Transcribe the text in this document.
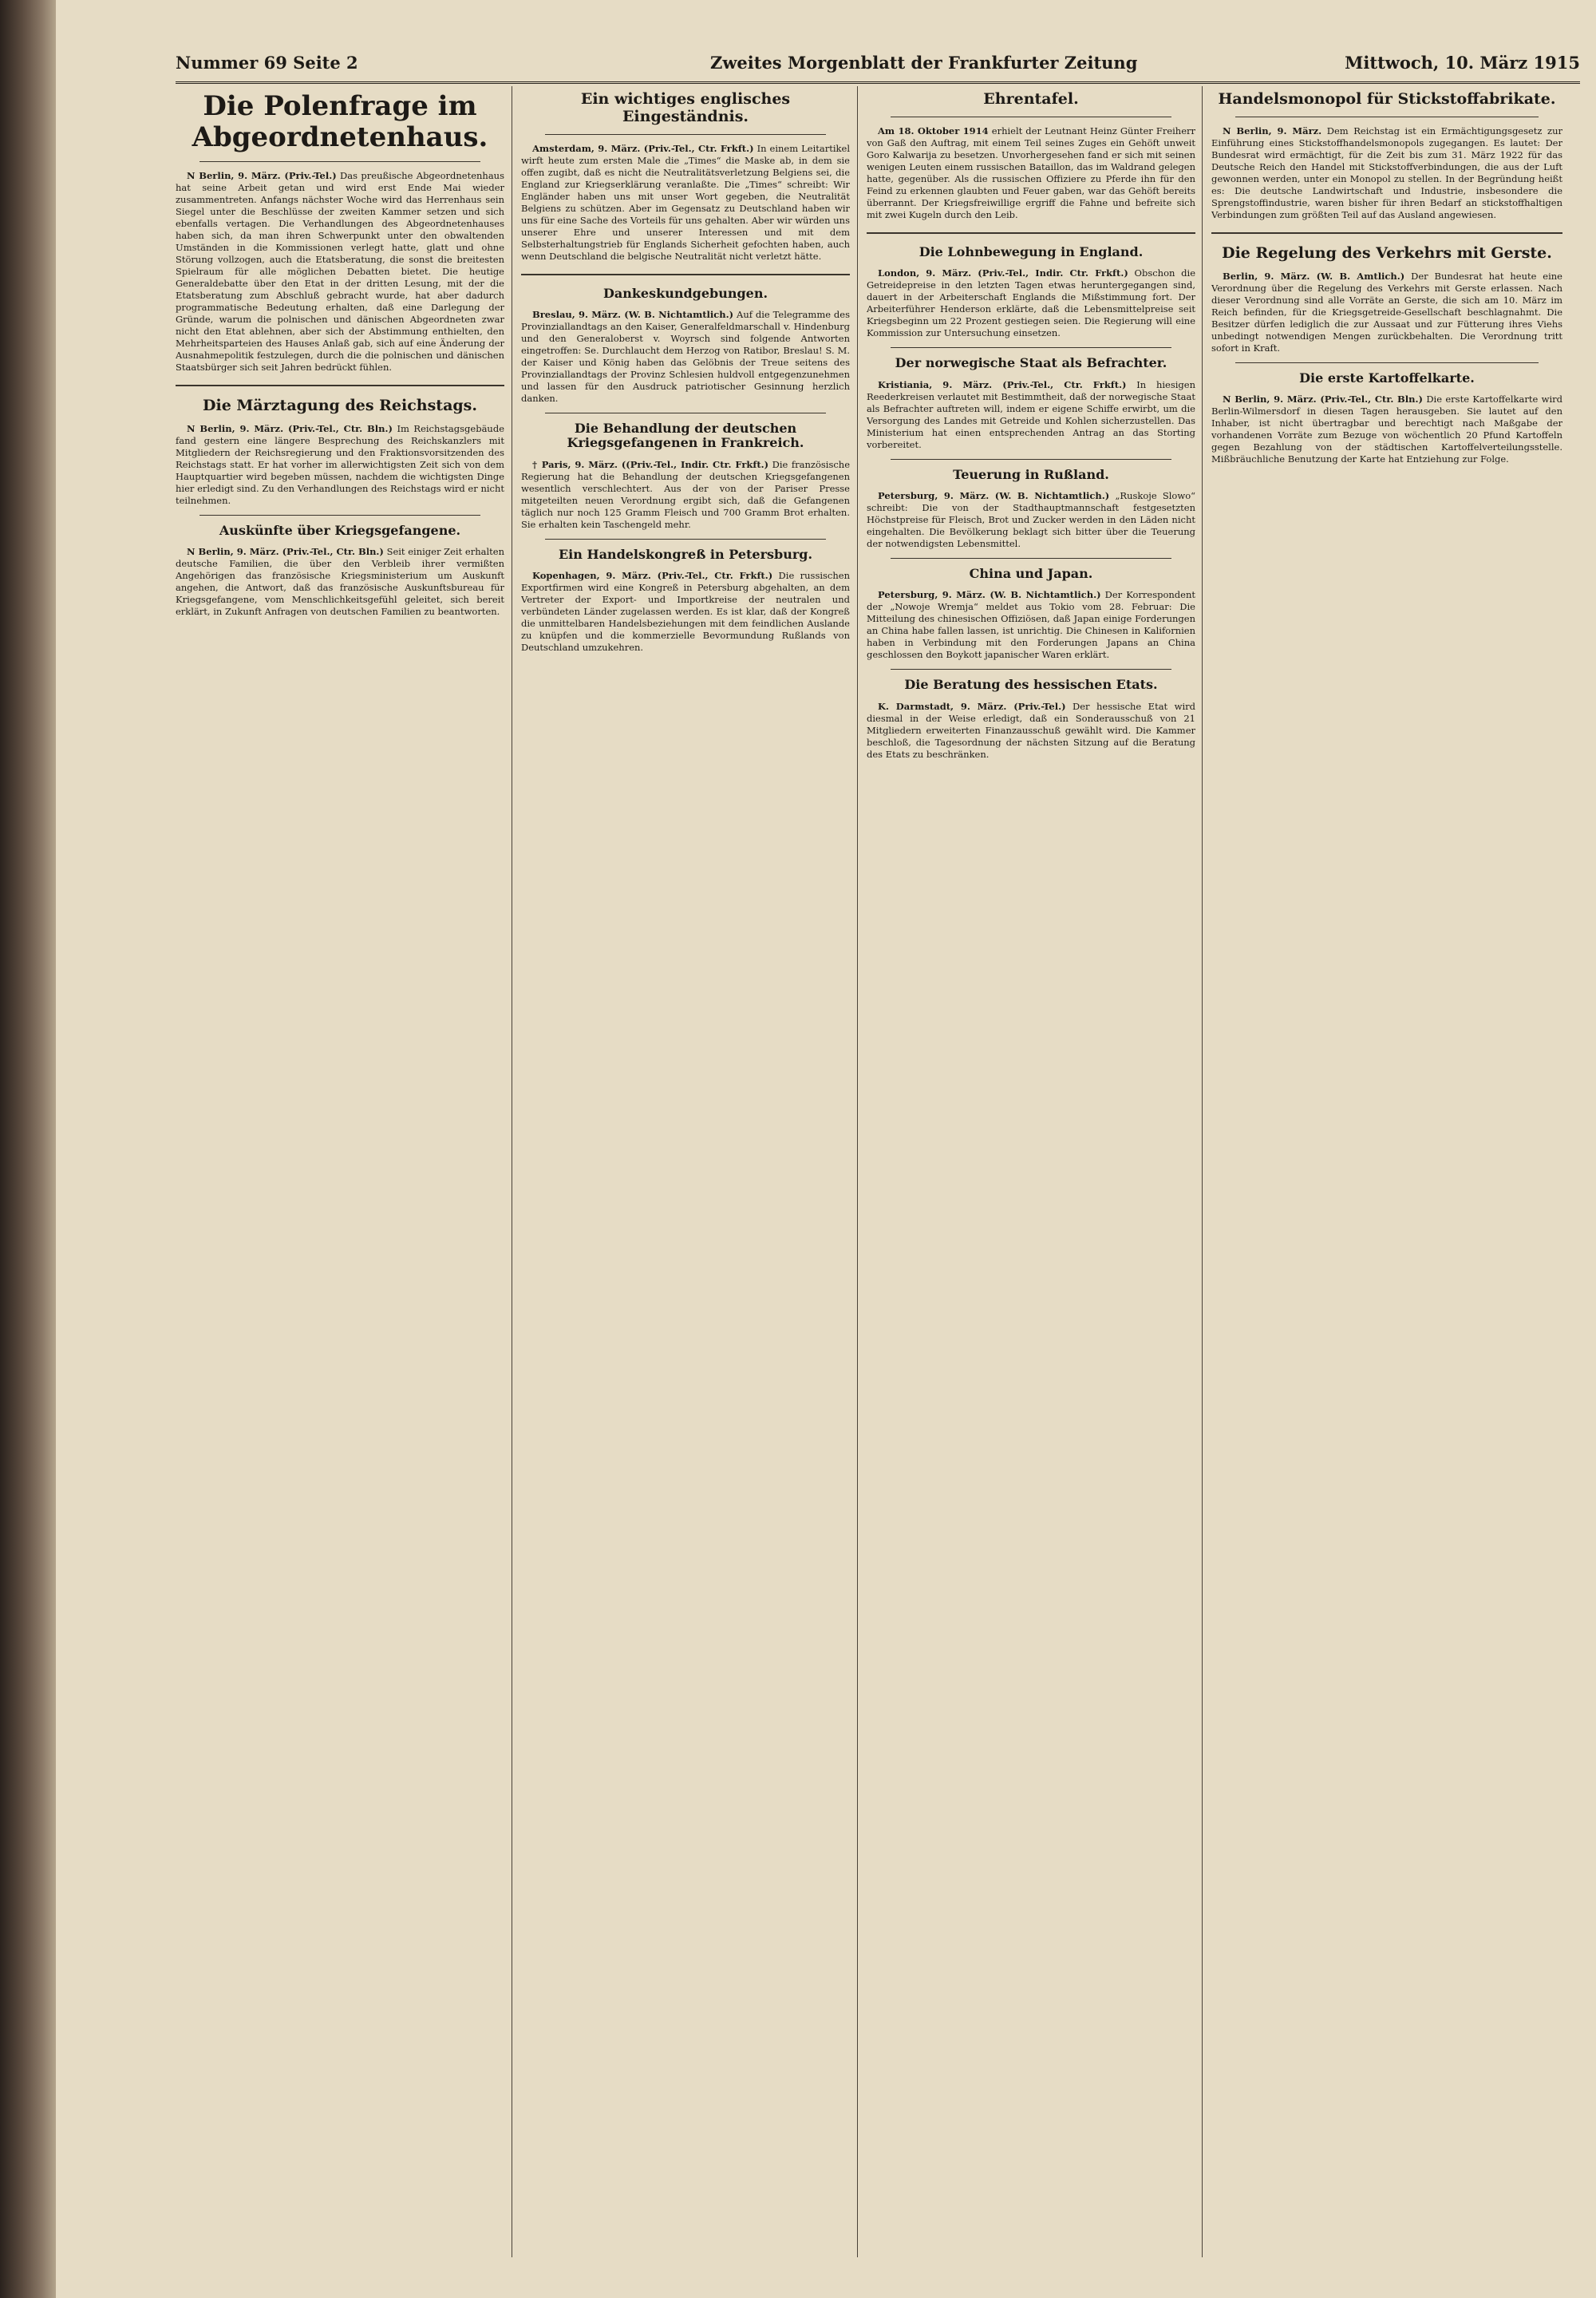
Nummer 69 Seite 2	Zweites Morgenblatt der Frankfurter Zeitung	Mittwoch, 10. März 1915
Die Polenfrage im Abgeordnetenhaus.

N Berlin, 9. März. (Priv.-Tel.) Das preußische Abgeordnetenhaus hat seine Arbeit getan und wird erst Ende Mai wieder zusammentreten. Anfangs nächster Woche wird das Herrenhaus sein Siegel unter die Beschlüsse der zweiten Kammer setzen und sich ebenfalls vertagen. Die Verhandlungen des Abgeordnetenhauses haben sich, da man ihren Schwerpunkt unter den obwaltenden Umständen in die Kommissionen verlegt hatte, glatt und ohne Störung vollzogen, auch die Etatsberatung, die sonst die breitesten Spielraum für alle möglichen Debatten bietet. Die heutige Generaldebatte über den Etat in der dritten Lesung, mit der die Etatsberatung zum Abschluß gebracht wurde, hat aber dadurch programmatische Bedeutung erhalten, daß eine Darlegung der Gründe, warum die polnischen und dänischen Abgeordneten zwar nicht den Etat ablehnen, aber sich der Abstimmung enthielten, den Mehrheitsparteien des Hauses Anlaß gab, sich auf eine Änderung der Ausnahmepolitik festzulegen, durch die die polnischen und dänischen Staatsbürger sich seit Jahren bedrückt fühlen.

Die Märztagung des Reichstags.

N Berlin, 9. März. (Priv.-Tel., Ctr. Bln.) Im Reichstagsgebäude fand gestern eine längere Besprechung des Reichskanzlers mit Mitgliedern der Reichsregierung und den Fraktionsvorsitzenden des Reichstags statt. Er hat vorher im allerwichtigsten Zeit sich von dem Hauptquartier wird begeben müssen, nachdem die wichtigsten Dinge hier erledigt sind. Zu den Verhandlungen des Reichstags wird er nicht teilnehmen.

Auskünfte über Kriegsgefangene.

N Berlin, 9. März. (Priv.-Tel., Ctr. Bln.) Seit einiger Zeit erhalten deutsche Familien, die über den Verbleib ihrer vermißten Angehörigen das französische Kriegsministerium um Auskunft angehen, die Antwort, daß das französische Auskunftsbureau für Kriegsgefangene, vom Menschlichkeitsgefühl geleitet, sich bereit erklärt, in Zukunft Anfragen von deutschen Familien zu beantworten.

Ein wichtiges englisches Eingeständnis.

Amsterdam, 9. März. (Priv.-Tel., Ctr. Frkft.) In einem Leitartikel wirft heute zum ersten Male die „Times“ die Maske ab, in dem sie offen zugibt, daß es nicht die Neutralitätsverletzung Belgiens sei, die England zur Kriegserklärung veranlaßte. Die „Times“ schreibt: Wir Engländer haben uns mit unser Wort gegeben, die Neutralität Belgiens zu schützen. Aber im Gegensatz zu Deutschland haben wir uns für eine Sache des Vorteils für uns gehalten. Aber wir würden uns unserer Ehre und unserer Interessen und mit dem Selbsterhaltungstrieb für Englands Sicherheit gefochten haben, auch wenn Deutschland die belgische Neutralität nicht verletzt hätte.

Dankeskundgebungen.

Breslau, 9. März. (W. B. Nichtamtlich.) Auf die Telegramme des Provinziallandtags an den Kaiser, Generalfeldmarschall v. Hindenburg und den Generaloberst v. Woyrsch sind folgende Antworten eingetroffen: Se. Durchlaucht dem Herzog von Ratibor, Breslau! S. M. der Kaiser und König haben das Gelöbnis der Treue seitens des Provinziallandtags der Provinz Schlesien huldvoll entgegenzunehmen und lassen für den Ausdruck patriotischer Gesinnung herzlich danken.

Die Behandlung der deutschen Kriegsgefangenen in Frankreich.

† Paris, 9. März. ((Priv.-Tel., Indir. Ctr. Frkft.) Die französische Regierung hat die Behandlung der deutschen Kriegsgefangenen wesentlich verschlechtert. Aus der von der Pariser Presse mitgeteilten neuen Verordnung ergibt sich, daß die Gefangenen täglich nur noch 125 Gramm Fleisch und 700 Gramm Brot erhalten. Sie erhalten kein Taschengeld mehr.

Ein Handelskongreß in Petersburg.

Kopenhagen, 9. März. (Priv.-Tel., Ctr. Frkft.) Die russischen Exportfirmen wird eine Kongreß in Petersburg abgehalten, an dem Vertreter der Export- und Importkreise der neutralen und verbündeten Länder zugelassen werden. Es ist klar, daß der Kongreß die unmittelbaren Handelsbeziehungen mit dem feindlichen Auslande zu knüpfen und die kommerzielle Bevormundung Rußlands von Deutschland umzukehren.

Ehrentafel.

Am 18. Oktober 1914 erhielt der Leutnant Heinz Günter Freiherr von Gaß den Auftrag, mit einem Teil seines Zuges ein Gehöft unweit Goro Kalwarija zu besetzen. Unvorhergesehen fand er sich mit seinen wenigen Leuten einem russischen Bataillon, das im Waldrand gelegen hatte, gegenüber. Als die russischen Offiziere zu Pferde ihn für den Feind zu erkennen glaubten und Feuer gaben, war das Gehöft bereits überrannt. Der Kriegsfreiwillige ergriff die Fahne und befreite sich mit zwei Kugeln durch den Leib.

Die Lohnbewegung in England.

London, 9. März. (Priv.-Tel., Indir. Ctr. Frkft.) Obschon die Getreidepreise in den letzten Tagen etwas heruntergegangen sind, dauert in der Arbeiterschaft Englands die Mißstimmung fort. Der Arbeiterführer Henderson erklärte, daß die Lebensmittelpreise seit Kriegsbeginn um 22 Prozent gestiegen seien. Die Regierung will eine Kommission zur Untersuchung einsetzen.

Der norwegische Staat als Befrachter.

Kristiania, 9. März. (Priv.-Tel., Ctr. Frkft.) In hiesigen Reederkreisen verlautet mit Bestimmtheit, daß der norwegische Staat als Befrachter auftreten will, indem er eigene Schiffe erwirbt, um die Versorgung des Landes mit Getreide und Kohlen sicherzustellen. Das Ministerium hat einen entsprechenden Antrag an das Storting vorbereitet.

Teuerung in Rußland.

Petersburg, 9. März. (W. B. Nichtamtlich.) „Ruskoje Slowo“ schreibt: Die von der Stadthauptmannschaft festgesetzten Höchstpreise für Fleisch, Brot und Zucker werden in den Läden nicht eingehalten. Die Bevölkerung beklagt sich bitter über die Teuerung der notwendigsten Lebensmittel.

China und Japan.

Petersburg, 9. März. (W. B. Nichtamtlich.) Der Korrespondent der „Nowoje Wremja“ meldet aus Tokio vom 28. Februar: Die Mitteilung des chinesischen Offiziösen, daß Japan einige Forderungen an China habe fallen lassen, ist unrichtig. Die Chinesen in Kalifornien haben in Verbindung mit den Forderungen Japans an China geschlossen den Boykott japanischer Waren erklärt.

Die Beratung des hessischen Etats.

K. Darmstadt, 9. März. (Priv.-Tel.) Der hessische Etat wird diesmal in der Weise erledigt, daß ein Sonderausschuß von 21 Mitgliedern erweiterten Finanzausschuß gewählt wird. Die Kammer beschloß, die Tagesordnung der nächsten Sitzung auf die Beratung des Etats zu beschränken.

Handelsmonopol für Stickstoffabrikate.

N Berlin, 9. März. Dem Reichstag ist ein Ermächtigungsgesetz zur Einführung eines Stickstoffhandelsmonopols zugegangen. Es lautet: Der Bundesrat wird ermächtigt, für die Zeit bis zum 31. März 1922 für das Deutsche Reich den Handel mit Stickstoffverbindungen, die aus der Luft gewonnen werden, unter ein Monopol zu stellen. In der Begründung heißt es: Die deutsche Landwirtschaft und Industrie, insbesondere die Sprengstoffindustrie, waren bisher für ihren Bedarf an stickstoffhaltigen Verbindungen zum größten Teil auf das Ausland angewiesen.

Die Regelung des Verkehrs mit Gerste.

Berlin, 9. März. (W. B. Amtlich.) Der Bundesrat hat heute eine Verordnung über die Regelung des Verkehrs mit Gerste erlassen. Nach dieser Verordnung sind alle Vorräte an Gerste, die sich am 10. März im Reich befinden, für die Kriegsgetreide-Gesellschaft beschlagnahmt. Die Besitzer dürfen lediglich die zur Aussaat und zur Fütterung ihres Viehs unbedingt notwendigen Mengen zurückbehalten. Die Verordnung tritt sofort in Kraft.

Die erste Kartoffelkarte.

N Berlin, 9. März. (Priv.-Tel., Ctr. Bln.) Die erste Kartoffelkarte wird Berlin-Wilmersdorf in diesen Tagen herausgeben. Sie lautet auf den Inhaber, ist nicht übertragbar und berechtigt nach Maßgabe der vorhandenen Vorräte zum Bezuge von wöchentlich 20 Pfund Kartoffeln gegen Bezahlung von der städtischen Kartoffelverteilungsstelle. Mißbräuchliche Benutzung der Karte hat Entziehung zur Folge.
